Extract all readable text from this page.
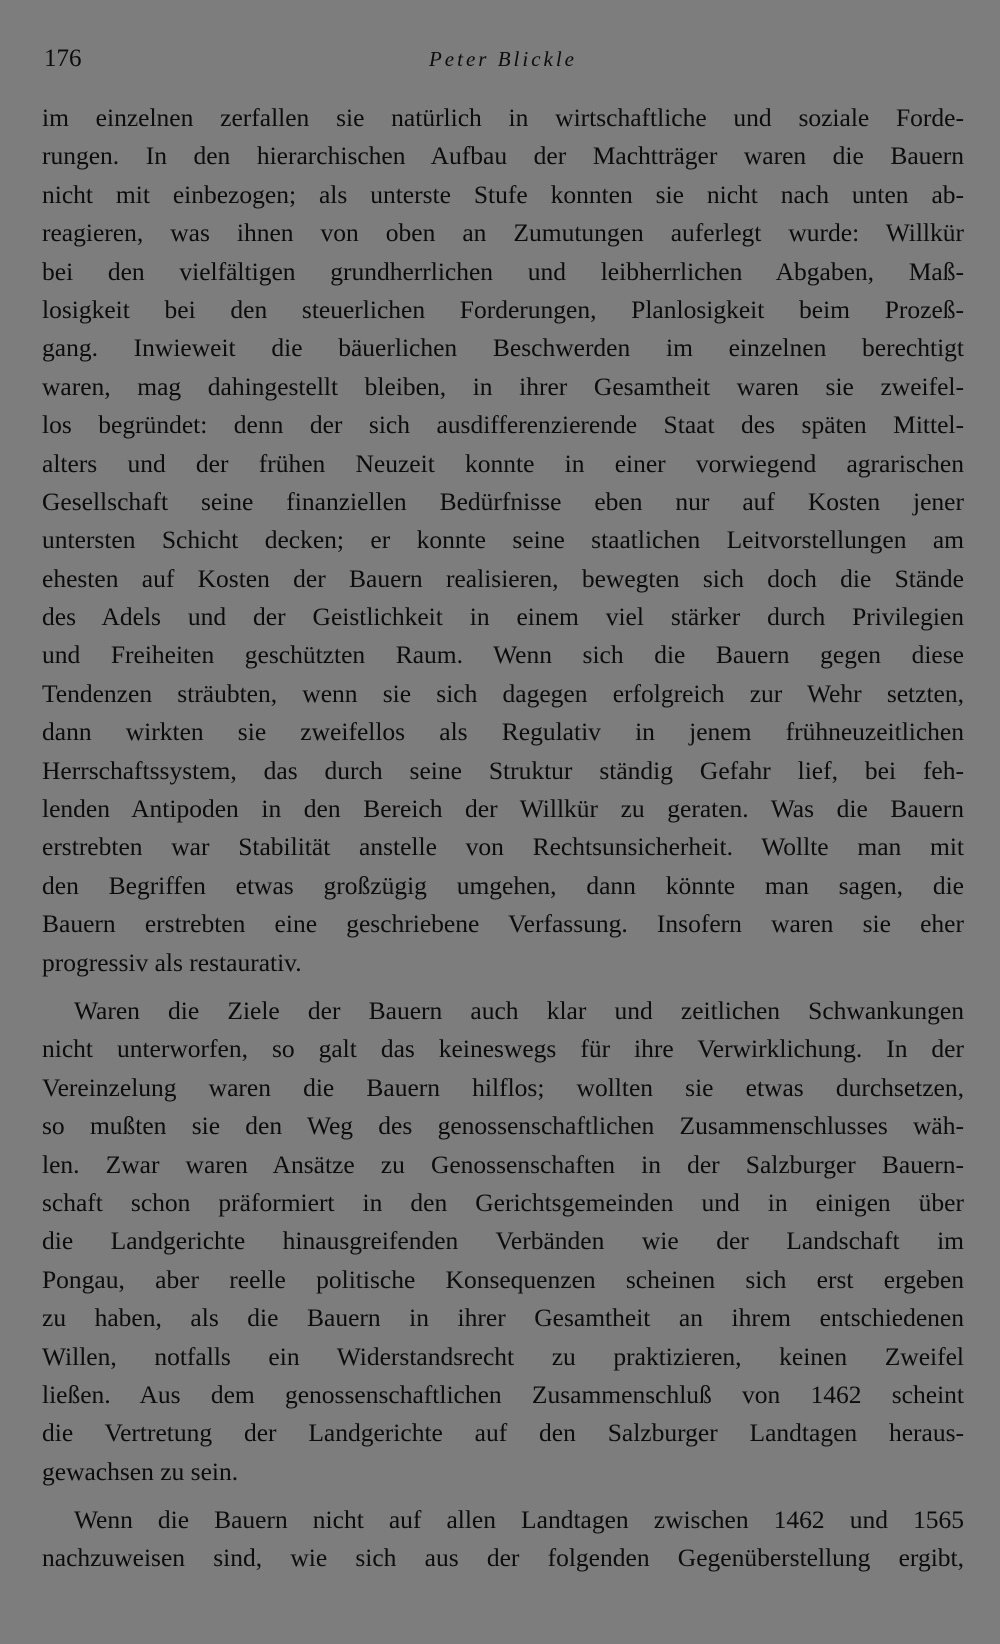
176	Peter Blickle
im einzelnen zerfallen sie natürlich in wirtschaftliche und soziale Forde-
rungen. In den hierarchischen Aufbau der Machtträger waren die Bauern
nicht mit einbezogen; als unterste Stufe konnten sie nicht nach unten ab-
reagieren, was ihnen von oben an Zumutungen auferlegt wurde: Willkür
bei den vielfältigen grundherrlichen und leibherrlichen Abgaben, Maß-
losigkeit bei den steuerlichen Forderungen, Planlosigkeit beim Prozeß-
gang. Inwieweit die bäuerlichen Beschwerden im einzelnen berechtigt
waren, mag dahingestellt bleiben, in ihrer Gesamtheit waren sie zweifel-
los begründet: denn der sich ausdifferenzierende Staat des späten Mittel-
alters und der frühen Neuzeit konnte in einer vorwiegend agrarischen
Gesellschaft seine finanziellen Bedürfnisse eben nur auf Kosten jener
untersten Schicht decken; er konnte seine staatlichen Leitvorstellungen am
ehesten auf Kosten der Bauern realisieren, bewegten sich doch die Stände
des Adels und der Geistlichkeit in einem viel stärker durch Privilegien
und Freiheiten geschützten Raum. Wenn sich die Bauern gegen diese
Tendenzen sträubten, wenn sie sich dagegen erfolgreich zur Wehr setzten,
dann wirkten sie zweifellos als Regulativ in jenem frühneuzeitlichen
Herrschaftssystem, das durch seine Struktur ständig Gefahr lief, bei feh-
lenden Antipoden in den Bereich der Willkür zu geraten. Was die Bauern
erstrebten war Stabilität anstelle von Rechtsunsicherheit. Wollte man mit
den Begriffen etwas großzügig umgehen, dann könnte man sagen, die
Bauern erstrebten eine geschriebene Verfassung. Insofern waren sie eher
progressiv als restaurativ.
Waren die Ziele der Bauern auch klar und zeitlichen Schwankungen
nicht unterworfen, so galt das keineswegs für ihre Verwirklichung. In der
Vereinzelung waren die Bauern hilflos; wollten sie etwas durchsetzen,
so mußten sie den Weg des genossenschaftlichen Zusammenschlusses wäh-
len. Zwar waren Ansätze zu Genossenschaften in der Salzburger Bauern-
schaft schon präformiert in den Gerichtsgemeinden und in einigen über
die Landgerichte hinausgreifenden Verbänden wie der Landschaft im
Pongau, aber reelle politische Konsequenzen scheinen sich erst ergeben
zu haben, als die Bauern in ihrer Gesamtheit an ihrem entschiedenen
Willen, notfalls ein Widerstandsrecht zu praktizieren, keinen Zweifel
ließen. Aus dem genossenschaftlichen Zusammenschluß von 1462 scheint
die Vertretung der Landgerichte auf den Salzburger Landtagen heraus-
gewachsen zu sein.
Wenn die Bauern nicht auf allen Landtagen zwischen 1462 und 1565
nachzuweisen sind, wie sich aus der folgenden Gegenüberstellung ergibt,
